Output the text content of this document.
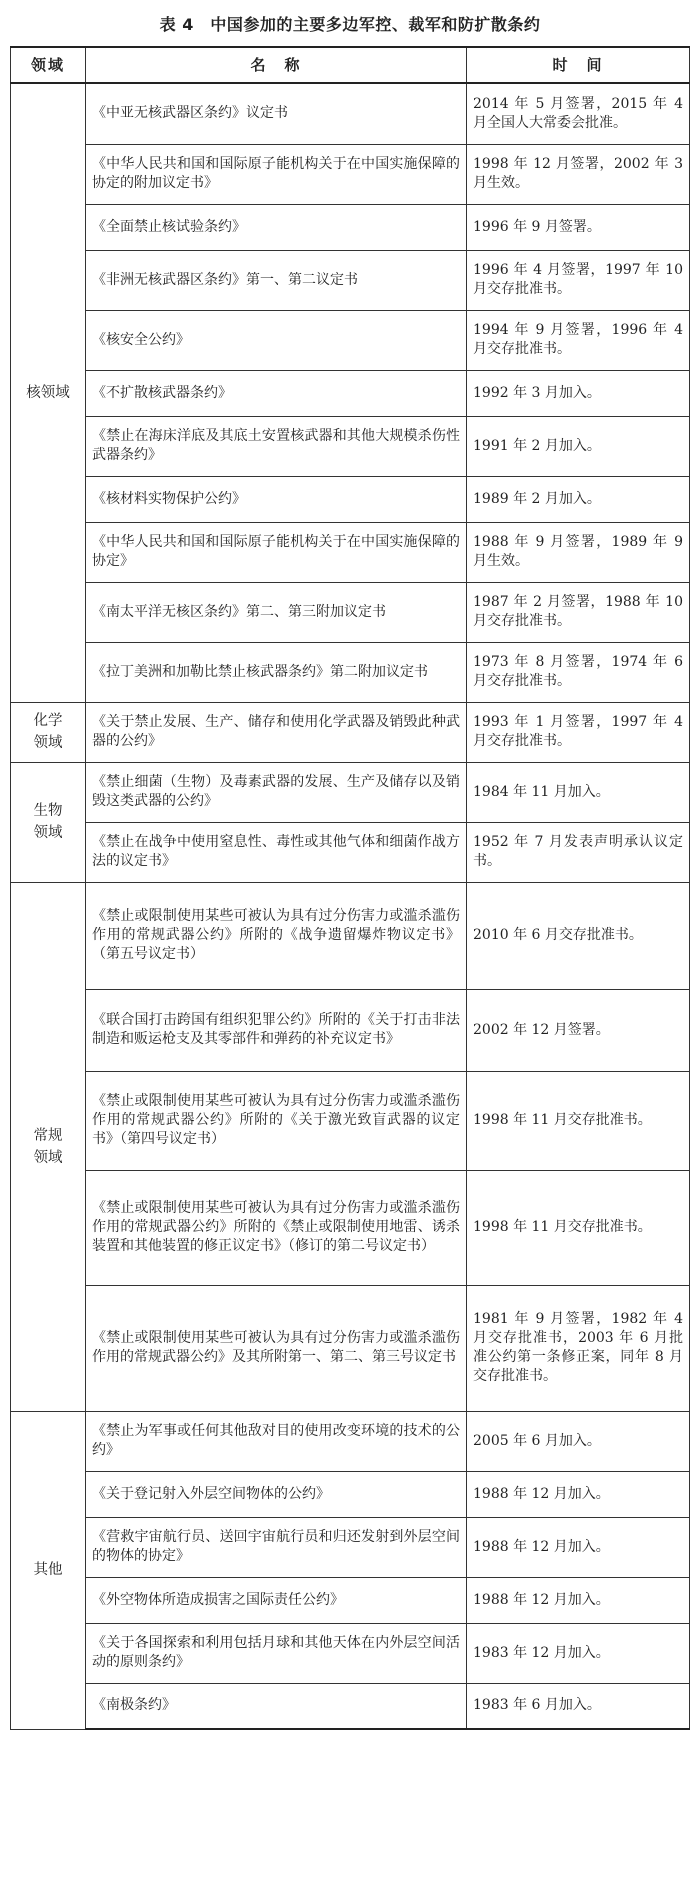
表 4　中国参加的主要多边军控、裁军和防扩散条约
领域	名　称	时　间
核领域	《中亚无核武器区条约》议定书	2014 年 5 月签署，2015 年 4 月全国人大常委会批准。
	《中华人民共和国和国际原子能机构关于在中国实施保障的协定的附加议定书》	1998 年 12 月签署，2002 年 3 月生效。
	《全面禁止核试验条约》	1996 年 9 月签署。
	《非洲无核武器区条约》第一、第二议定书	1996 年 4 月签署，1997 年 10 月交存批准书。
	《核安全公约》	1994 年 9 月签署，1996 年 4 月交存批准书。
	《不扩散核武器条约》	1992 年 3 月加入。
	《禁止在海床洋底及其底土安置核武器和其他大规模杀伤性武器条约》	1991 年 2 月加入。
	《核材料实物保护公约》	1989 年 2 月加入。
	《中华人民共和国和国际原子能机构关于在中国实施保障的协定》	1988 年 9 月签署，1989 年 9 月生效。
	《南太平洋无核区条约》第二、第三附加议定书	1987 年 2 月签署，1988 年 10 月交存批准书。
	《拉丁美洲和加勒比禁止核武器条约》第二附加议定书	1973 年 8 月签署，1974 年 6 月交存批准书。
化学领域	《关于禁止发展、生产、储存和使用化学武器及销毁此种武器的公约》	1993 年 1 月签署，1997 年 4 月交存批准书。
生物领域	《禁止细菌（生物）及毒素武器的发展、生产及储存以及销毁这类武器的公约》	1984 年 11 月加入。
	《禁止在战争中使用窒息性、毒性或其他气体和细菌作战方法的议定书》	1952 年 7 月发表声明承认议定书。
常规领域	《禁止或限制使用某些可被认为具有过分伤害力或滥杀滥伤作用的常规武器公约》所附的《战争遗留爆炸物议定书》（第五号议定书）	2010 年 6 月交存批准书。
	《联合国打击跨国有组织犯罪公约》所附的《关于打击非法制造和贩运枪支及其零部件和弹药的补充议定书》	2002 年 12 月签署。
	《禁止或限制使用某些可被认为具有过分伤害力或滥杀滥伤作用的常规武器公约》所附的《关于激光致盲武器的议定书》（第四号议定书）	1998 年 11 月交存批准书。
	《禁止或限制使用某些可被认为具有过分伤害力或滥杀滥伤作用的常规武器公约》所附的《禁止或限制使用地雷、诱杀装置和其他装置的修正议定书》（修订的第二号议定书）	1998 年 11 月交存批准书。
	《禁止或限制使用某些可被认为具有过分伤害力或滥杀滥伤作用的常规武器公约》及其所附第一、第二、第三号议定书	1981 年 9 月签署，1982 年 4 月交存批准书，2003 年 6 月批准公约第一条修正案，同年 8 月交存批准书。
其他	《禁止为军事或任何其他敌对目的使用改变环境的技术的公约》	2005 年 6 月加入。
	《关于登记射入外层空间物体的公约》	1988 年 12 月加入。
	《营救宇宙航行员、送回宇宙航行员和归还发射到外层空间的物体的协定》	1988 年 12 月加入。
	《外空物体所造成损害之国际责任公约》	1988 年 12 月加入。
	《关于各国探索和利用包括月球和其他天体在内外层空间活动的原则条约》	1983 年 12 月加入。
	《南极条约》	1983 年 6 月加入。
